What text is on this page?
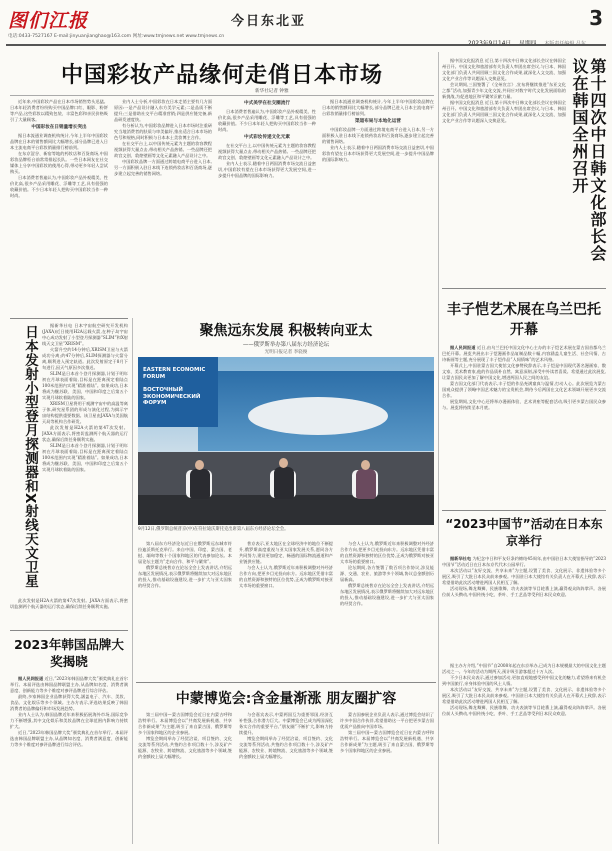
图们江报
电话:0433-7527167 E-mail:jinyuanjianghao@163.com 网址:www.tmjnews.net www.tmjnews.cn
今日东北亚	3
中国彩妆产品缘何走俏日本市场
新华社记者 钟雅

近年来,中国彩妆产品在日本市场销售势头迅猛。日本年轻消费者纷纷购买中国品牌口红、眼影、粉饼等产品,这些彩妆以精致包装、丰富色彩和亲民价格吸引了大量顾客。

中国彩妆在日销量增长突出

据日本流通业调查机构统计,今年上半年中国彩妆品牌在日本的销售额同比大幅增长,部分品牌已进入日本主流电商平台彩妆销量排行榜前列。

在东京涩谷、新宿等地的药妆店和百货商场,中国彩妆品牌柜台前常常排起长队。一些日本网友在社交媒体上分享中国彩妆的使用心得,带动更多年轻人尝试购买。

日本消费者普遍认为,中国彩妆产品外观精美、性价比高,很多产品采用雕花、浮雕等工艺,具有很强的收藏价值。不少日本年轻人把购买中国彩妆当作一种时尚。

业内人士分析,中国彩妆在日本走俏主要有几方面原因:一是产品设计融入东方美学元素;二是品质不断提升;三是借助社交平台精准营销;四是供应链完备,新品研发速度快。

有分析认为,中国彩妆品牌进入日本市场时注重研究当地消费者的肤质与审美偏好,推出适合日本市场的色号和规格,同时积极与日本本土美妆博主合作。

在社交平台上,以中国传统元素为主题的妆容教程视频获得大量点击,带动相关产品热销。一些品牌还把故宫文创、敦煌壁画等文化元素融入产品设计之中。

中国彩妆品牌一方面通过跨境电商平台进入日本,另一方面积极入驻日本线下连锁药妆店和百货商场,逐步建立起完善的销售网络。

中式美学在社交圈流行

日本消费者普遍认为,中国彩妆产品外观精美、性价比高,很多产品采用雕花、浮雕等工艺,具有很强的收藏价值。不少日本年轻人把购买中国彩妆当作一种时尚。

中式彩妆传递文化元素

在社交平台上,以中国传统元素为主题的妆容教程视频获得大量点击,带动相关产品热销。一些品牌还把故宫文创、敦煌壁画等文化元素融入产品设计之中。

业内人士表示,随着中日两国消费市场交流日益密切,中国彩妆有望在日本市场获得更大发展空间,进一步提升中国品牌的国际影响力。

据日本流通业调查机构统计,今年上半年中国彩妆品牌在日本的销售额同比大幅增长,部分品牌已进入日本主流电商平台彩妆销量排行榜前列。

渠道布局与本地化运营

中国彩妆品牌一方面通过跨境电商平台进入日本,另一方面积极入驻日本线下连锁药妆店和百货商场,逐步建立起完善的销售网络。

业内人士表示,随着中日两国消费市场交流日益密切,中国彩妆有望在日本市场获得更大发展空间,进一步提升中国品牌的国际影响力。

据中国文化报消息 近日,第十四次中日韩文化部长会议在韩国全州召开。中国文化和旅游部有关负责人率团出席会议,与日本、韩国文化部门负责人共同回顾三国文化合作成果,就深化人文交流、加强文化产业合作等议题深入交换意见。

会议期间,三国签署了《全州宣言》,宣布将继续推进“东亚文化之都”活动,加强青少年文化交流,共同应对数字时代文化发展面临的新挑战,为促进地区和平繁荣贡献力量。

据中国文化报消息 近日,第十四次中日韩文化部长会议在韩国全州召开。中国文化和旅游部有关负责人率团出席会议,与日本、韩国文化部门负责人共同回顾三国文化合作成果,就深化人文交流、加强文化产业合作等议题深入交换意见。	第十四次中日韩文化部长会议在韩国全州召开
丰子恺艺术展在乌兰巴托开幕

据人民网报道 近日,由乌兰巴托中国文化中心主办的丰子恺艺术展在蒙古国首都乌兰巴托开幕。展览共展出丰子恺漫画作品复制品数十幅,内容涵盖儿童生活、社会风情、古诗新画等主题,充分展现了丰子恺作品“人间情味”的艺术风格。

开幕式上,中国驻蒙古国大使馆文化参赞致辞表示,丰子恺是中国现代著名漫画家、散文家、美术教育家,他的作品质朴自然、寓意深刻,深受中外读者喜爱。希望通过此次展览,让蒙古国民众更加了解中国文化,增进两国人民之间的友谊。

蒙古国文化部门代表表示,丰子恺的作品充满童真与温情,打动人心。此次展览为蒙古国观众提供了领略中国艺术魅力的宝贵机会,期待今后两国在文化艺术领域开展更多交流合作。

展览期间,文化中心还将举办漫画体验、艺术讲座等配套活动,吸引更多蒙古国民众参与。展览将持续至本月底。

“2023中国节”活动在日本东京举行

据新华社电 为纪念中日和平友好条约缔结45周年,由中国驻日本大使馆指导的“2023中国节”活动近日在日本东京代代木公园举行。

本次活动以“友好交流、共享未来”为主题,设置了美食、文化展示、非遗体验等多个展区,吸引了大批日本民众前来参观。中国驻日本大使馆有关负责人在开幕式上致辞,表示希望借助此次活动增进两国人民相互了解。

活动现场,舞龙舞狮、民族歌舞、功夫表演等节目轮番上演,赢得观众阵阵掌声。各展位前人头攒动,中国传统小吃、茶叶、手工艺品等受到日本民众欢迎。

据主办方介绍,“中国节”自2008年起在东京举办,已成为日本规模最大的中国文化主题活动之一。今年的活动为期两天,预计吸引游客超过十万人次。

不少日本民众表示,通过参加活动,更加直观地感受到中国文化的魅力,希望将来有机会到中国旅行,亲身体验中国的风土人情。

本次活动以“友好交流、共享未来”为主题,设置了美食、文化展示、非遗体验等多个展区,吸引了大批日本民众前来参观。中国驻日本大使馆有关负责人在开幕式上致辞,表示希望借助此次活动增进两国人民相互了解。

活动现场,舞龙舞狮、民族歌舞、功夫表演等节目轮番上演,赢得观众阵阵掌声。各展位前人头攒动,中国传统小吃、茶叶、手工艺品等受到日本民众欢迎。

日本发射小型登月探测器和X射线天文卫星	据新华社电 日本宇宙航空研究开发机构(JAXA)近日使用H2A运载火箭,在种子岛宇宙中心成功发射了小型登月探测器“SLIM”和X射线天文卫星“XRISM”。

火箭升空约14分钟后,XRISM卫星与火箭成功分离;约47分钟后,SLIM探测器与火箭分离,顺利进入预定轨道。此次发射原定于8月下旬进行,因天气原因多次推迟。

SLIM是日本首个登月探测器,计划于明年初在月球表面着陆,目标是在距离预定着陆点100米范围内实现“精准着陆”。如果成功,日本将成为继苏联、美国、中国和印度之后第五个实现月球软着陆的国家。

XRISM卫星将用于观测宇宙中的高温等离子体,研究星系团的形成与演化过程,为揭示宇宙结构提供重要数据。该卫星由JAXA与美国航天局等机构合作研发。

此次发射是H2A火箭的第47次发射。JAXA方面表示,将密切监测两个航天器的运行状态,确保后续任务顺利实施。

SLIM是日本首个登月探测器,计划于明年初在月球表面着陆,目标是在距离预定着陆点100米范围内实现“精准着陆”。如果成功,日本将成为继苏联、美国、中国和印度之后第五个实现月球软着陆的国家。

此次发射是H2A火箭的第47次发射。JAXA方面表示,将密切监测两个航天器的运行状态,确保后续任务顺利实施。

2023年韩国品牌大奖揭晓

据人民网报道 近日,“2023年韩国品牌大奖”颁奖典礼在首尔举行。本届评选由韩国品牌联盟主办,从品牌知名度、消费者满意度、创新能力等多个维度对参评品牌进行综合评估。

最终,多家韩国企业品牌获得大奖,涵盖电子、汽车、美妆、食品、文化娱乐等多个领域。主办方表示,评选结果反映了韩国消费者的品牌偏好和市场发展趋势。

业内人士认为,韩国品牌近年来积极拓展海外市场,国际竞争力不断增强,其中文化娱乐和美妆品牌在全球范围内影响力持续扩大。

近日,“2023年韩国品牌大奖”颁奖典礼在首尔举行。本届评选由韩国品牌联盟主办,从品牌知名度、消费者满意度、创新能力等多个维度对参评品牌进行综合评估。

聚焦远东发展 积极转向亚太
——俄罗斯举办第八届东方经济论坛
光明日报记者 李骁俊
EASTERN ECONOMIC FORUM
ВОСТОЧНЫЙ ЭКОНОМИЧЕСКИЙ ФОРУМ
9月12日,俄罗斯总统普京(中)在符拉迪沃斯托克出席第八届东方经济论坛全会。

第八届东方经济论坛近日在俄罗斯远东城市符拉迪沃斯托克举行。来自中国、印度、蒙古国、老挝、缅甸等数十个国家和地区的代表参加论坛。本届论坛主题为“走向合作、和平与繁荣”。

俄罗斯总统普京在论坛全会上发表讲话,介绍远东地区发展情况,表示俄罗斯将继续加大对远东地区的投入,推动基础设施建设,进一步扩大与亚太国家的经贸合作。

普京表示,亚太地区在全球经济中的地位不断提升,俄罗斯高度重视与亚太国家发展关系,愿同各方共同努力,建设更加稳定、畅通的国际物流通道和产业链供应链。

与会人士认为,俄罗斯近年来积极调整对外经济合作方向,把更多目光投向东方。远东地区凭借丰富的自然资源和独特的区位优势,正成为俄罗斯对接亚太市场的重要窗口。

与会人士认为,俄罗斯近年来积极调整对外经济合作方向,把更多目光投向东方。远东地区凭借丰富的自然资源和独特的区位优势,正成为俄罗斯对接亚太市场的重要窗口。

论坛期间,各方签署了数百项合作协议,涉及能源、交通、农业、旅游等多个领域,协议总金额创历届新高。

俄罗斯总统普京在论坛全会上发表讲话,介绍远东地区发展情况,表示俄罗斯将继续加大对远东地区的投入,推动基础设施建设,进一步扩大与亚太国家的经贸合作。

中蒙博览会:含金量渐涨 朋友圈扩容

第三届中国—蒙古国博览会近日在内蒙古呼和浩特举行。本届博览会以“共商发展新机遇、共享合作新成果”为主题,吸引了来自蒙古国、俄罗斯等多个国家和地区的企业参展。

博览会期间举办了经贸洽谈、项目签约、文化交流等系列活动,共签约合作项目数十个,涉及矿产能源、农牧业、跨境物流、文化旅游等多个领域,签约金额较上届大幅增长。

与会嘉宾表示,中蒙两国互为重要邻国,经济互补性强,合作潜力巨大。中蒙博览会已成为两国深化务实合作的重要平台,“朋友圈”不断扩大,影响力持续提升。

博览会期间举办了经贸洽谈、项目签约、文化交流等系列活动,共签约合作项目数十个,涉及矿产能源、农牧业、跨境物流、文化旅游等多个领域,签约金额较上届大幅增长。

蒙古国参展企业负责人表示,通过博览会结识了许多中国合作伙伴,希望借助这一平台把更多蒙古国优质产品推向中国市场。

第三届中国—蒙古国博览会近日在内蒙古呼和浩特举行。本届博览会以“共商发展新机遇、共享合作新成果”为主题,吸引了来自蒙古国、俄罗斯等多个国家和地区的企业参展。
